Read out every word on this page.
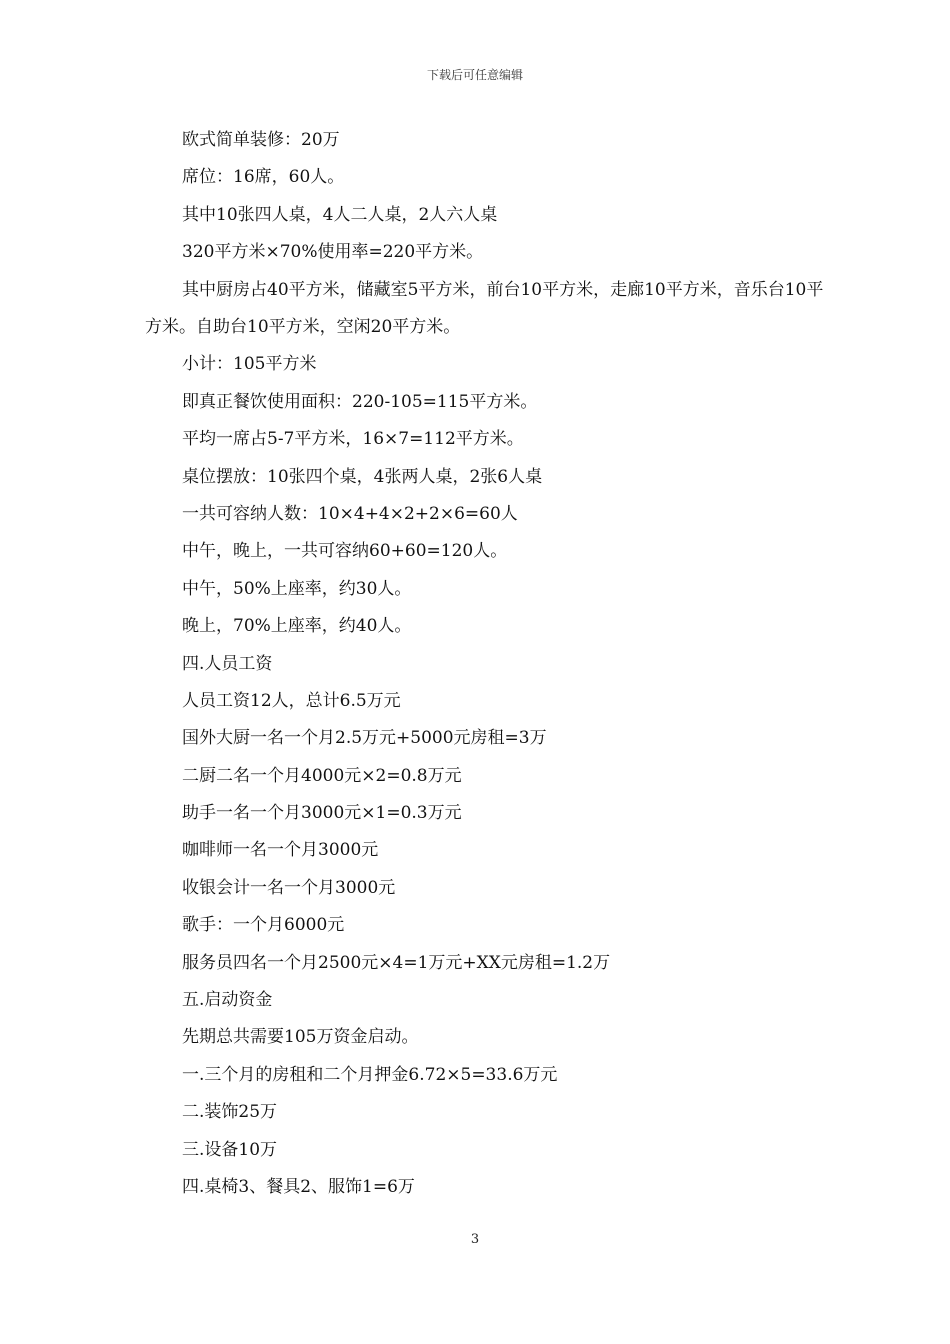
下载后可任意编辑

欧式简单装修：20万

席位：16席，60人。

其中10张四人桌，4人二人桌，2人六人桌

320平方米×70%使用率=220平方米。

其中厨房占40平方米，储藏室5平方米，前台10平方米，走廊10平方米，音乐台10平方米。自助台10平方米，空闲20平方米。

小计：105平方米

即真正餐饮使用面积：220-105=115平方米。

平均一席占5-7平方米，16×7=112平方米。

桌位摆放：10张四个桌，4张两人桌，2张6人桌

一共可容纳人数：10×4+4×2+2×6=60人

中午，晚上，一共可容纳60+60=120人。

中午，50%上座率，约30人。

晚上，70%上座率，约40人。

四.人员工资

人员工资12人，总计6.5万元

国外大厨一名一个月2.5万元+5000元房租=3万

二厨二名一个月4000元×2=0.8万元

助手一名一个月3000元×1=0.3万元

咖啡师一名一个月3000元

收银会计一名一个月3000元

歌手：一个月6000元

服务员四名一个月2500元×4=1万元+XX元房租=1.2万

五.启动资金

先期总共需要105万资金启动。

一.三个月的房租和二个月押金6.72×5=33.6万元

二.装饰25万

三.设备10万

四.桌椅3、餐具2、服饰1=6万

3
